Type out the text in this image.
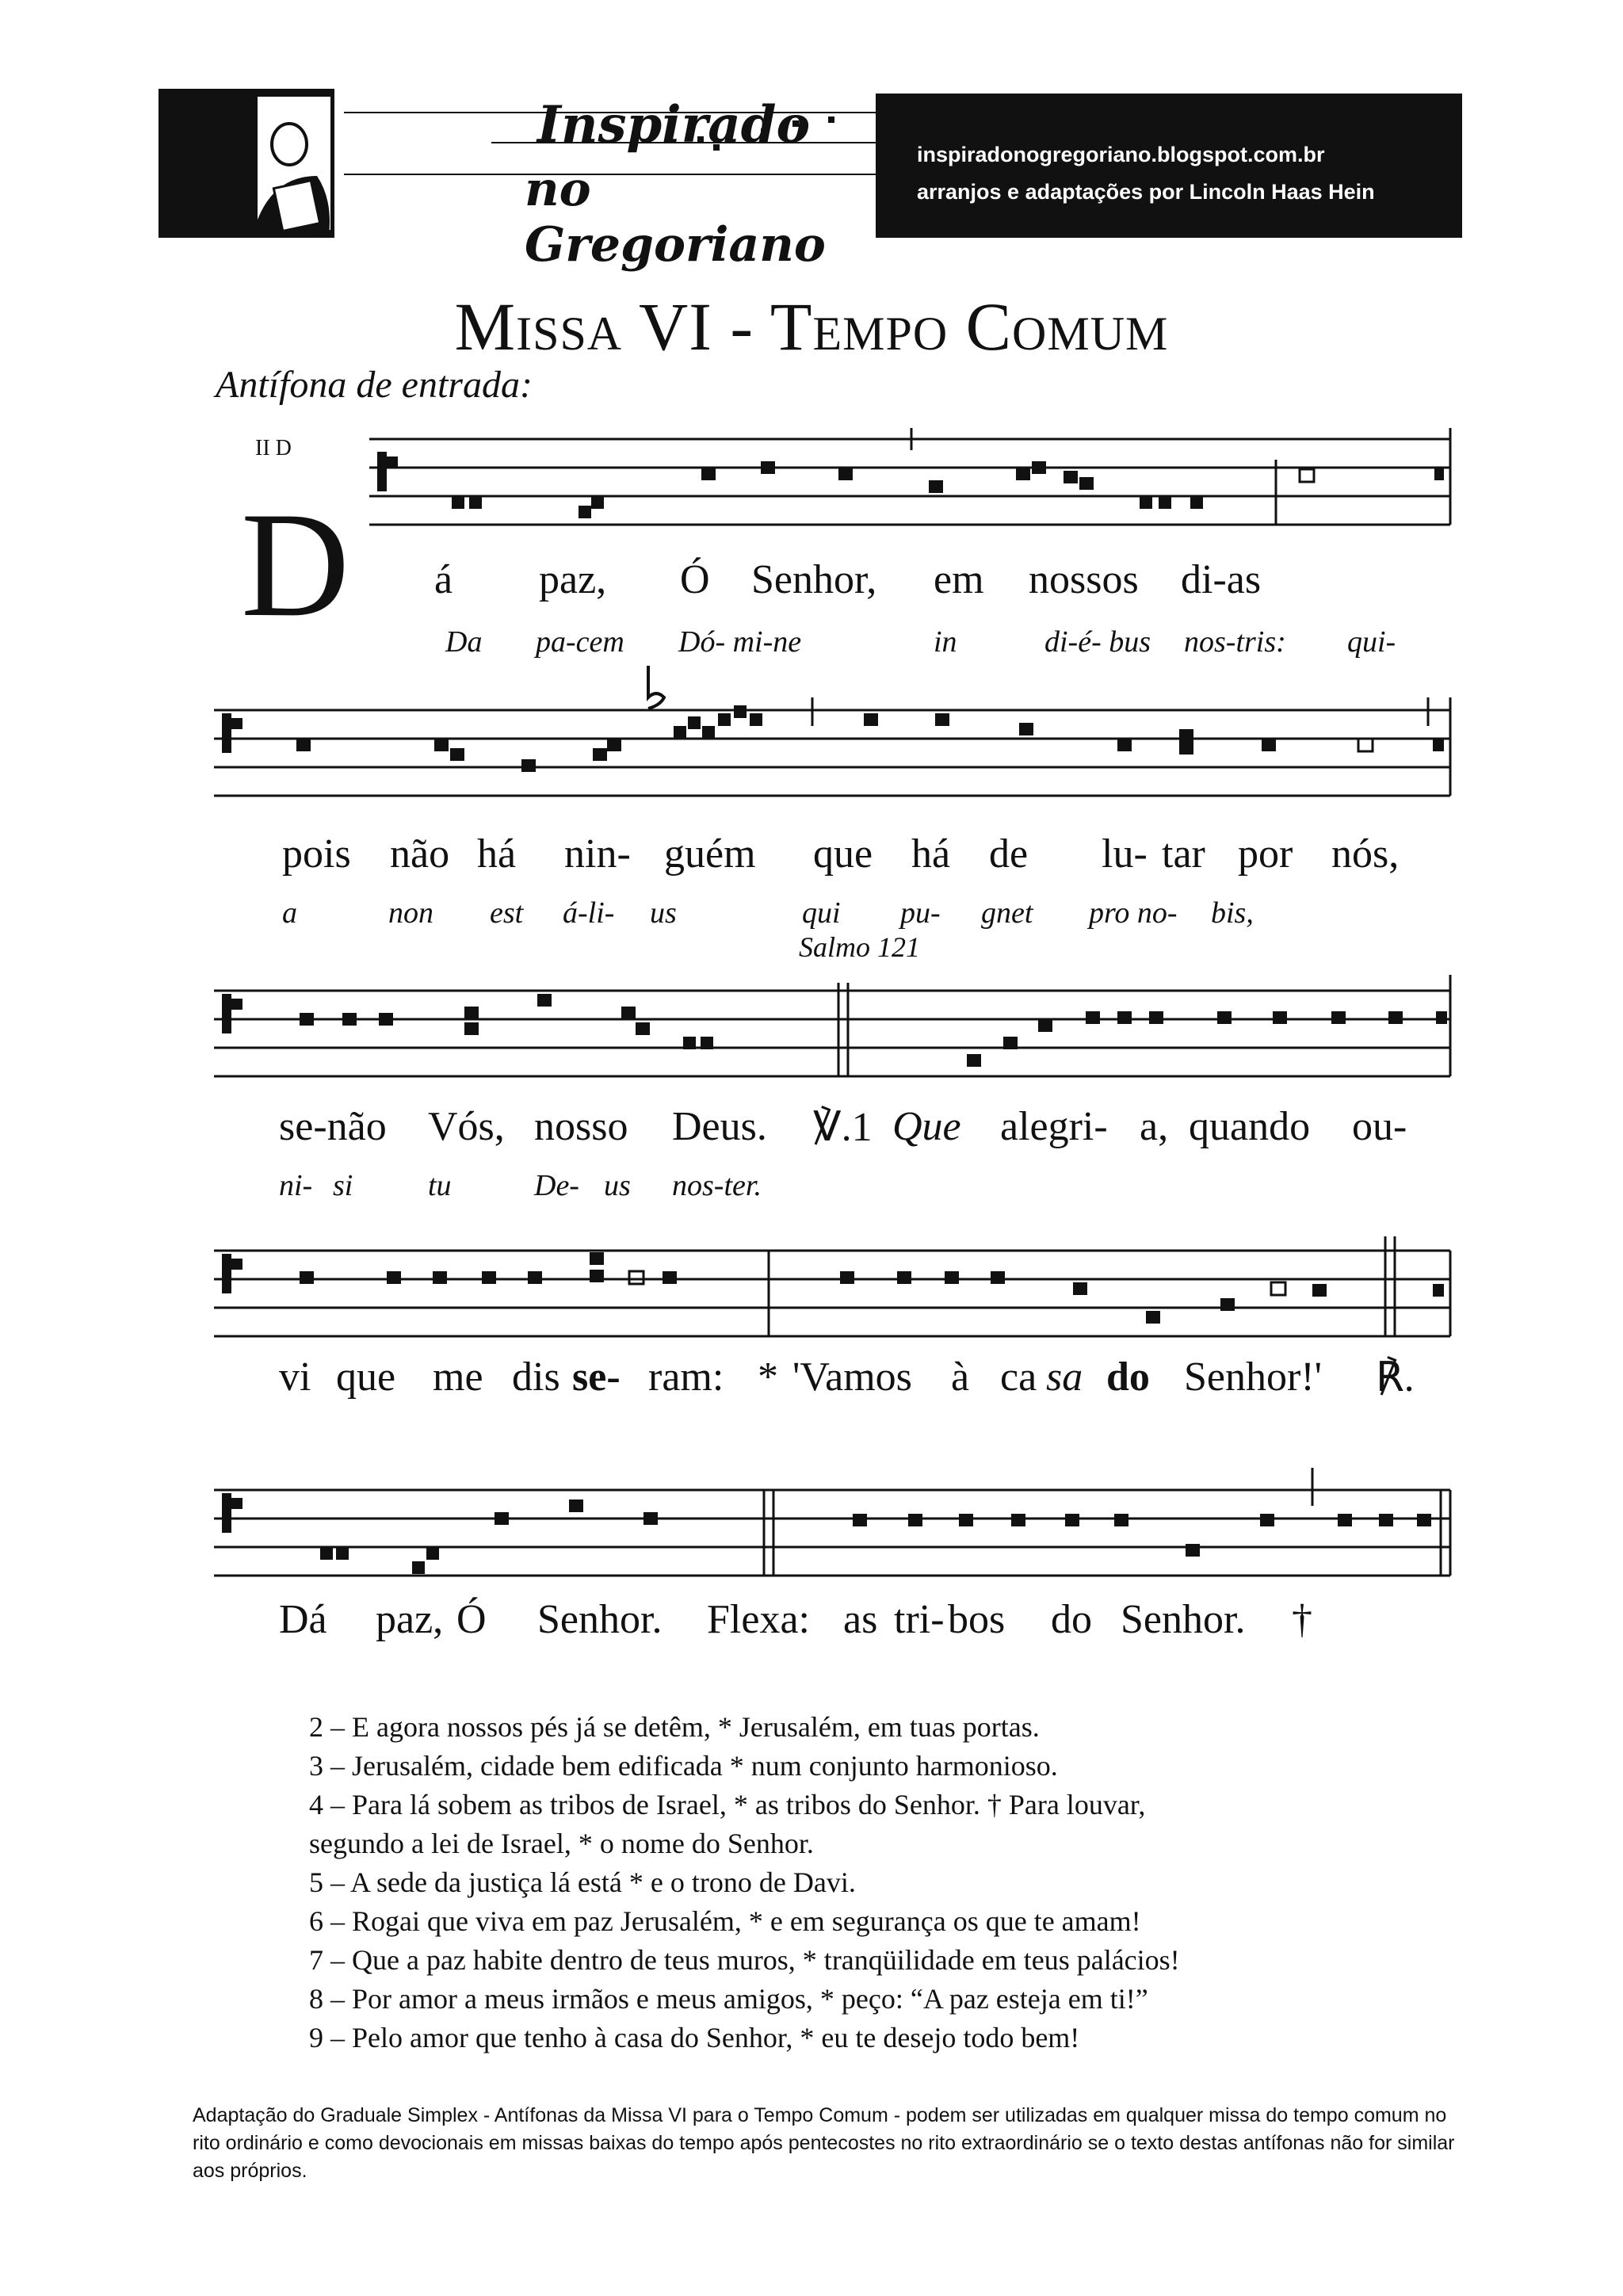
Inspirado
no Gregoriano
inspiradonogregoriano.blogspot.com.br
arranjos e adaptações por Lincoln Haas Hein
Missa VI - Tempo Comum
Antífona de entrada:
II D
D á paz, Ó Senhor, em nossos di-as
Da pa-cem Dó- mi-ne	in	di-é- bus nos-tris: qui-
pois não há nin- guém que há de lu- tar por nós,
a	non est á-li- us	qui pu- gnet pro no- bis,
Salmo 121
se-não Vós, nosso Deus. ℣.1 Que alegri- a, quando ou-
ni- si tu	De- us nos-ter.
vi que me dis se- ram: * 'Vamos à ca sa do Senhor!' ℟.
Dá paz, Ó Senhor. Flexa: as tri- bos do Senhor. †
2 – E agora nossos pés já se detêm, * Jerusalém, em tuas portas.
3 – Jerusalém, cidade bem edificada * num conjunto harmonioso.
4 – Para lá sobem as tribos de Israel, * as tribos do Senhor. † Para louvar,
segundo a lei de Israel, * o nome do Senhor.
5 – A sede da justiça lá está * e o trono de Davi.
6 – Rogai que viva em paz Jerusalém, * e em segurança os que te amam!
7 – Que a paz habite dentro de teus muros, * tranqüilidade em teus palácios!
8 – Por amor a meus irmãos e meus amigos, * peço: “A paz esteja em ti!”
9 – Pelo amor que tenho à casa do Senhor, * eu te desejo todo bem!
Adaptação do Graduale Simplex - Antífonas da Missa VI para o Tempo Comum - podem ser utilizadas em qualquer missa do tempo comum no rito ordinário e como devocionais em missas baixas do tempo após pentecostes no rito extraordinário se o texto destas antífonas não for similar aos próprios.
